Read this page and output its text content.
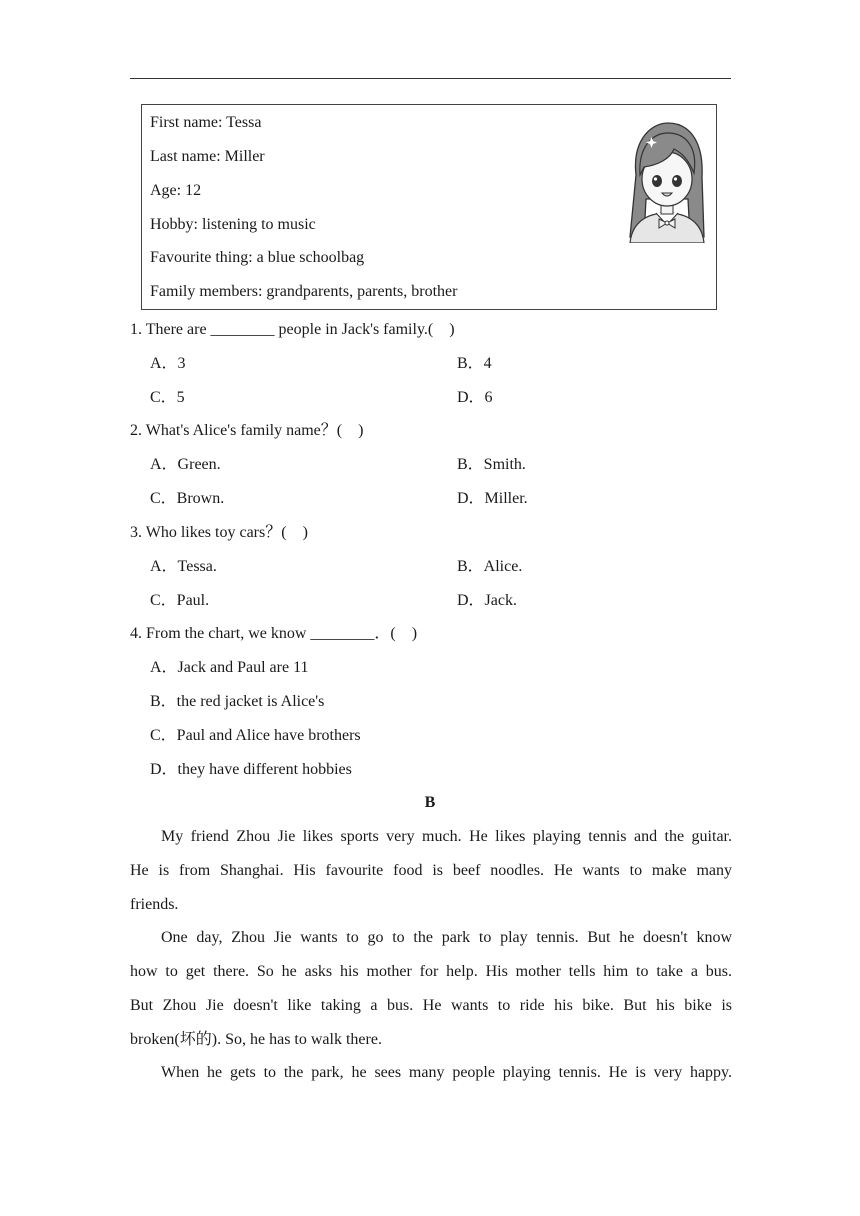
First name: Tessa
Last name: Miller
Age: 12
Hobby: listening to music
Favourite thing: a blue schoolbag
Family members: grandparents, parents, brother
1. There are ________ people in Jack's family.(　)
A．3	B．4
C．5	D．6
2. What's Alice's family name？(　)
A．Green.	B．Smith.
C．Brown.	D．Miller.
3. Who likes toy cars？(　)
A．Tessa.	B．Alice.
C．Paul.	D．Jack.
4. From the chart, we know ________．(　)
A．Jack and Paul are 11
B．the red jacket is Alice's
C．Paul and Alice have brothers
D．they have different hobbies
B
My friend Zhou Jie likes sports very much. He likes playing tennis and the guitar.
He is from Shanghai. His favourite food is beef noodles. He wants to make many
friends.
One day, Zhou Jie wants to go to the park to play tennis. But he doesn't know
how to get there. So he asks his mother for help. His mother tells him to take a bus.
But Zhou Jie doesn't like taking a bus. He wants to ride his bike. But his bike is
broken(坏的). So, he has to walk there.
When he gets to the park, he sees many people playing tennis. He is very happy.
